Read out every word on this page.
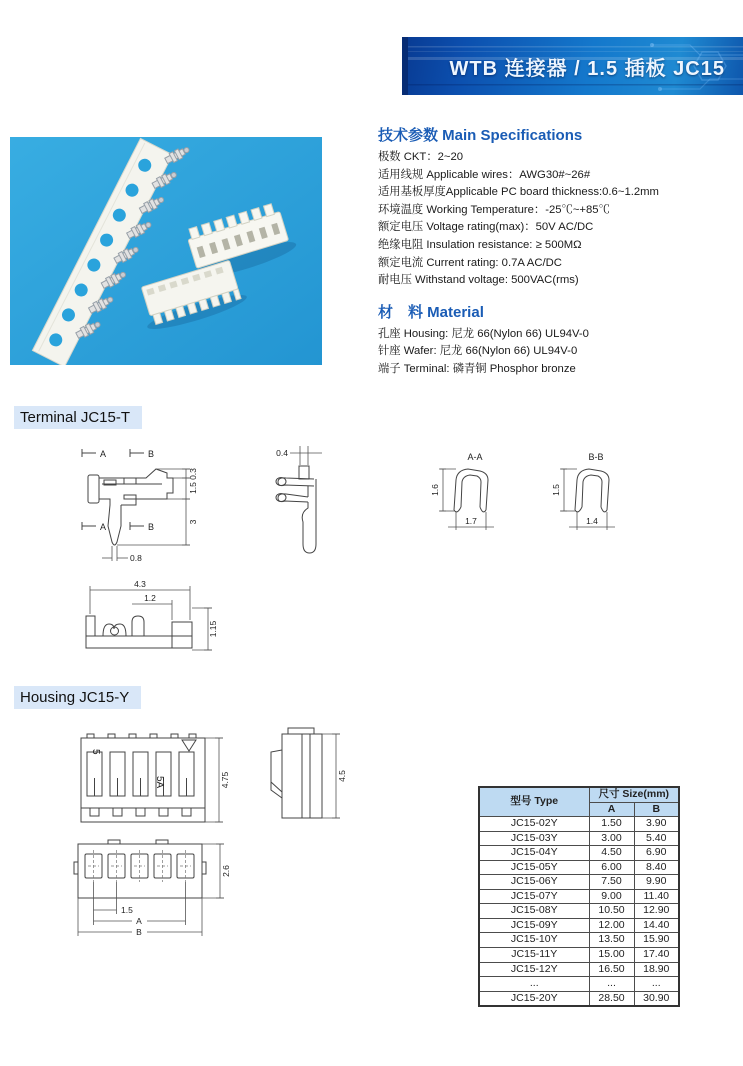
WTB 连接器 / 1.5 插板 JC15
技术参数 Main Specifications
极数 CKT：2~20
适用线规 Applicable wires：AWG30#~26#
适用基板厚度Applicable PC board thickness:0.6~1.2mm
环境温度 Working Temperature：-25℃~+85℃
额定电压 Voltage rating(max)：50V AC/DC
绝缘电阻 Insulation resistance: ≥ 500MΩ
额定电流 Current rating: 0.7A AC/DC
耐电压 Withstand voltage: 500VAC(rms)
材　料 Material
孔座 Housing: 尼龙 66(Nylon 66) UL94V-0
针座 Wafer: 尼龙 66(Nylon 66) UL94V-0
端子 Terminal: 磷青铜 Phosphor bronze
Terminal JC15-T
A	B
A	B
0.3
1.5
3
0.8
0.4	A-A
1.6
1.7
B-B
1.5
1.4
4.3
1.2
1.15
Housing JC15-Y
5
5A	4.75	4.5
1.5
A
B
2.6
型号 Type	尺寸 Size(mm)	
	A	B
JC15-02Y	1.50	3.90
JC15-03Y	3.00	5.40
JC15-04Y	4.50	6.90
JC15-05Y	6.00	8.40
JC15-06Y	7.50	9.90
JC15-07Y	9.00	11.40
JC15-08Y	10.50	12.90
JC15-09Y	12.00	14.40
JC15-10Y	13.50	15.90
JC15-11Y	15.00	17.40
JC15-12Y	16.50	18.90
...	...	...
JC15-20Y	28.50	30.90
